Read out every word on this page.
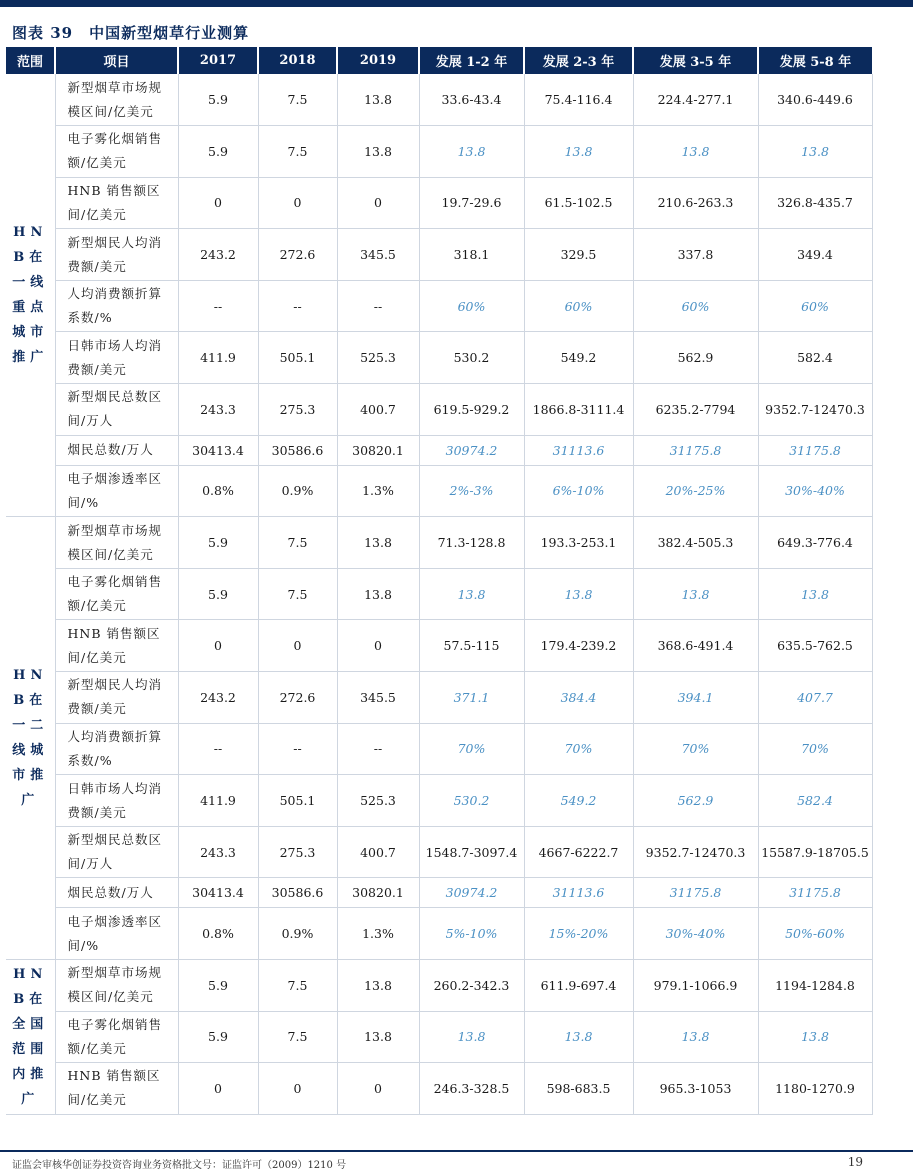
图表 39　中国新型烟草行业测算
范围	项目	2017	2018	2019	发展 1-2 年	发展 2-3 年	发展 3-5 年	发展 5-8 年
HNB在一线重点城市推广	新型烟草市场规模区间/亿美元	5.9	7.5	13.8	33.6-43.4	75.4-116.4	224.4-277.1	340.6-449.6
	电子雾化烟销售额/亿美元	5.9	7.5	13.8	13.8	13.8	13.8	13.8
	HNB 销售额区间/亿美元	0	0	0	19.7-29.6	61.5-102.5	210.6-263.3	326.8-435.7
	新型烟民人均消费额/美元	243.2	272.6	345.5	318.1	329.5	337.8	349.4
	人均消费额折算系数/%	--	--	--	60%	60%	60%	60%
	日韩市场人均消费额/美元	411.9	505.1	525.3	530.2	549.2	562.9	582.4
	新型烟民总数区间/万人	243.3	275.3	400.7	619.5-929.2	1866.8-3111.4	6235.2-7794	9352.7-12470.3
	烟民总数/万人	30413.4	30586.6	30820.1	30974.2	31113.6	31175.8	31175.8
	电子烟渗透率区间/%	0.8%	0.9%	1.3%	2%-3%	6%-10%	20%-25%	30%-40%
HNB在一二线城市推广	新型烟草市场规模区间/亿美元	5.9	7.5	13.8	71.3-128.8	193.3-253.1	382.4-505.3	649.3-776.4
	电子雾化烟销售额/亿美元	5.9	7.5	13.8	13.8	13.8	13.8	13.8
	HNB 销售额区间/亿美元	0	0	0	57.5-115	179.4-239.2	368.6-491.4	635.5-762.5
	新型烟民人均消费额/美元	243.2	272.6	345.5	371.1	384.4	394.1	407.7
	人均消费额折算系数/%	--	--	--	70%	70%	70%	70%
	日韩市场人均消费额/美元	411.9	505.1	525.3	530.2	549.2	562.9	582.4
	新型烟民总数区间/万人	243.3	275.3	400.7	1548.7-3097.4	4667-6222.7	9352.7-12470.3	15587.9-18705.5
	烟民总数/万人	30413.4	30586.6	30820.1	30974.2	31113.6	31175.8	31175.8
	电子烟渗透率区间/%	0.8%	0.9%	1.3%	5%-10%	15%-20%	30%-40%	50%-60%
HNB在全国范围内推广	新型烟草市场规模区间/亿美元	5.9	7.5	13.8	260.2-342.3	611.9-697.4	979.1-1066.9	1194-1284.8
	电子雾化烟销售额/亿美元	5.9	7.5	13.8	13.8	13.8	13.8	13.8
	HNB 销售额区间/亿美元	0	0	0	246.3-328.5	598-683.5	965.3-1053	1180-1270.9
证监会审核华创证券投资咨询业务资格批文号：证监许可（2009）1210 号	19
